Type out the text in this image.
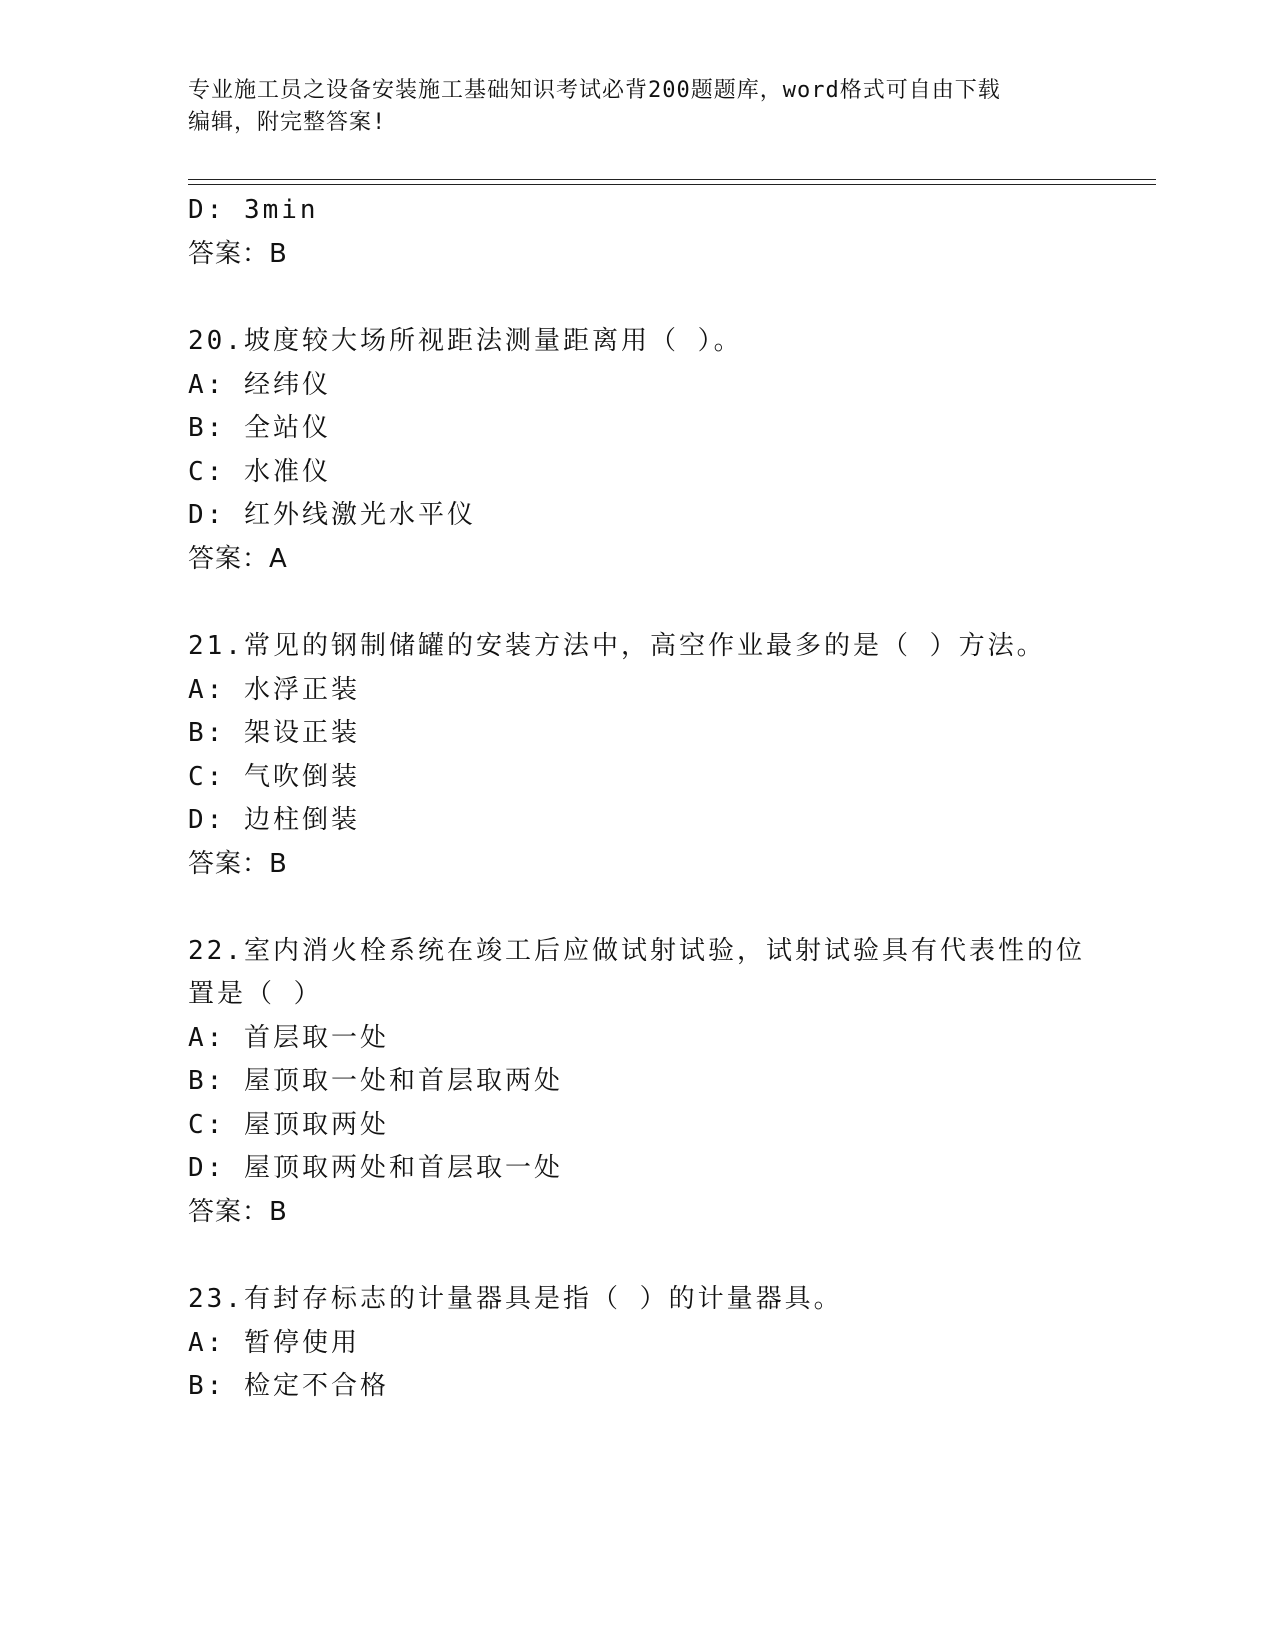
专业施工员之设备安装施工基础知识考试必背200题题库，word格式可自由下载
编辑，附完整答案!
D: 3min
答案：B
20.坡度较大场所视距法测量距离用（ ）。
A: 经纬仪
B: 全站仪
C: 水准仪
D: 红外线激光水平仪
答案：A
21.常见的钢制储罐的安装方法中，高空作业最多的是（ ）方法。
A: 水浮正装
B: 架设正装
C: 气吹倒装
D: 边柱倒装
答案：B
22.室内消火栓系统在竣工后应做试射试验，试射试验具有代表性的位
置是（ ）
A: 首层取一处
B: 屋顶取一处和首层取两处
C: 屋顶取两处
D: 屋顶取两处和首层取一处
答案：B
23.有封存标志的计量器具是指（ ）的计量器具。
A: 暂停使用
B: 检定不合格
